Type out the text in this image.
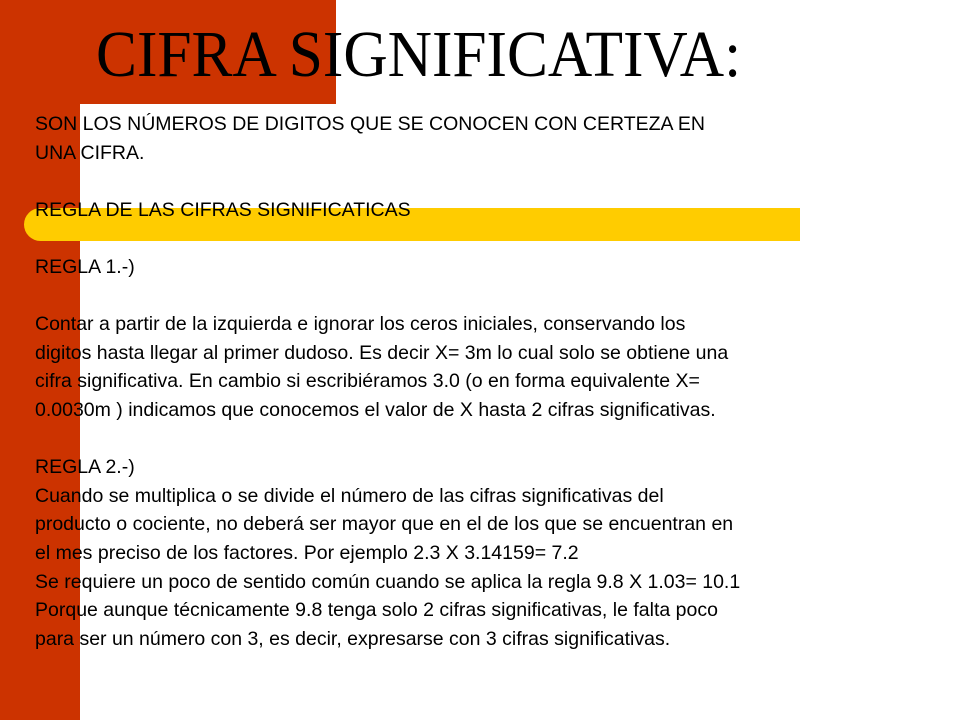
CIFRA SIGNIFICATIVA:

SON LOS NÚMEROS DE DIGITOS QUE SE CONOCEN CON CERTEZA EN

UNA CIFRA.

REGLA DE LAS CIFRAS SIGNIFICATICAS

REGLA 1.-)

Contar a partir de la izquierda e ignorar los ceros iniciales, conservando los

digitos hasta llegar al primer dudoso. Es decir X= 3m lo cual solo se obtiene una

cifra significativa. En cambio si escribiéramos 3.0 (o en forma equivalente X=

0.0030m ) indicamos que conocemos el valor de X hasta 2 cifras significativas.

REGLA 2.-)

Cuando se multiplica o se divide el número de las cifras significativas del

producto o cociente, no deberá ser mayor que en el de los que se encuentran en

el mes preciso de los factores. Por ejemplo 2.3 X 3.14159= 7.2

Se requiere un poco de sentido común cuando se aplica la regla 9.8 X 1.03= 10.1

Porque aunque técnicamente 9.8 tenga solo 2 cifras significativas, le falta poco

para ser un número con 3, es decir, expresarse con 3 cifras significativas.
